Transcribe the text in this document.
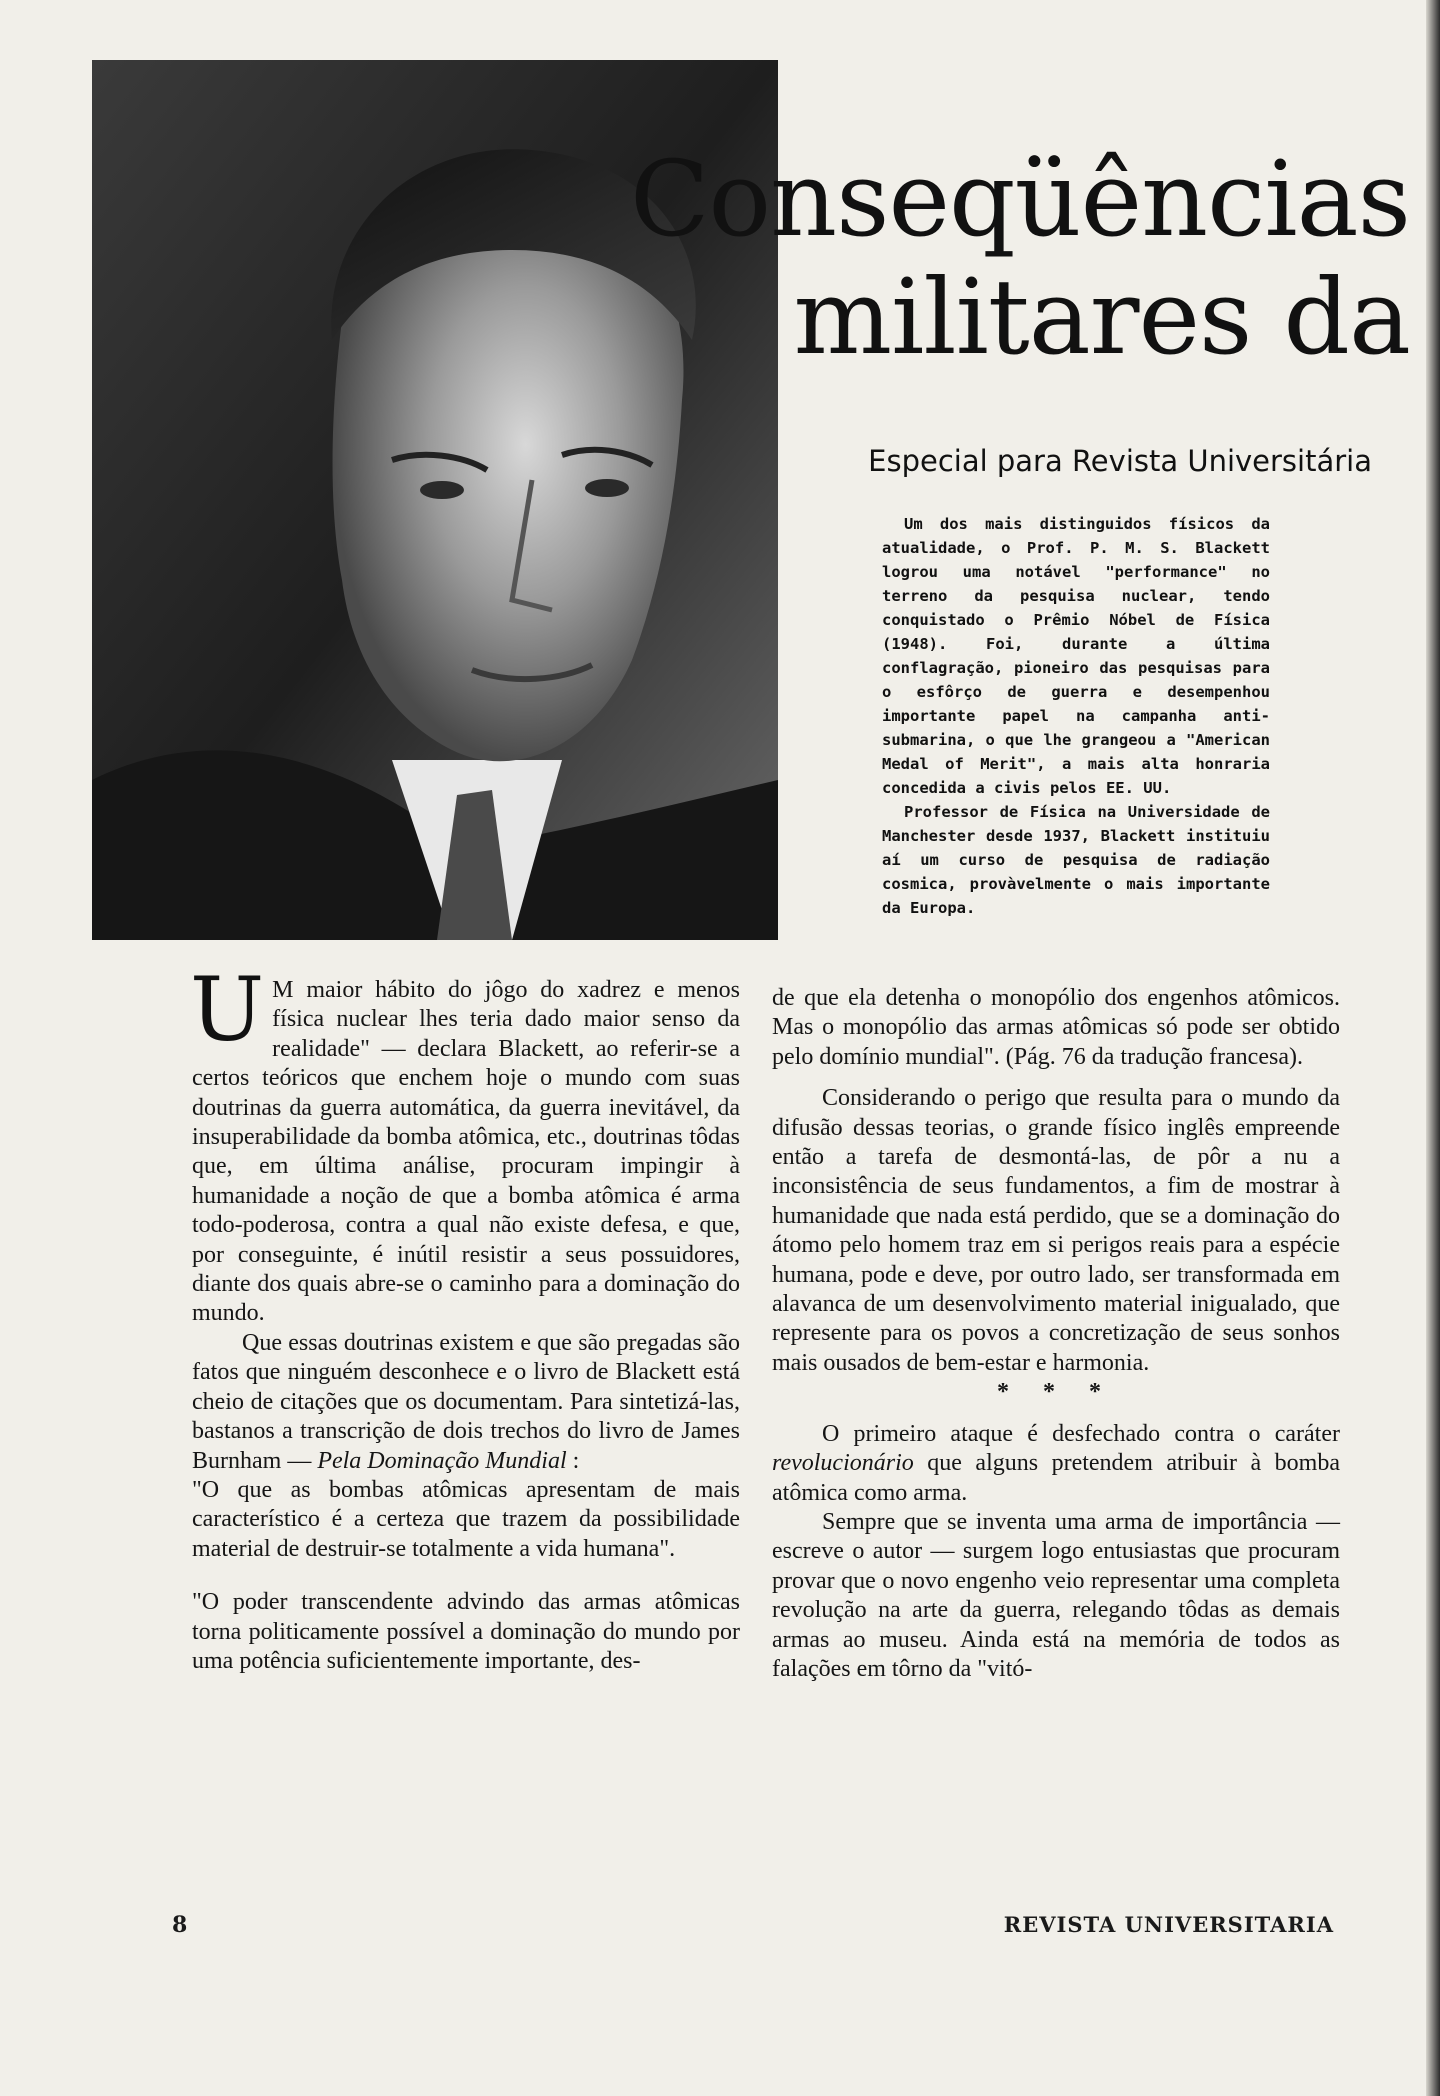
Conseqüências
militares da
Especial para Revista Universitária

Um dos mais distinguidos físicos da atualidade, o Prof. P. M. S. Blackett logrou uma notável "performance" no terreno da pesquisa nuclear, tendo conquistado o Prêmio Nóbel de Física (1948). Foi, durante a última conflagração, pioneiro das pesquisas para o esfôrço de guerra e desempenhou importante papel na campanha anti-submarina, o que lhe grangeou a "American Medal of Merit", a mais alta honraria concedida a civis pelos EE. UU.

Professor de Física na Universidade de Manchester desde 1937, Blackett instituiu aí um curso de pesquisa de radiação cosmica, provàvelmente o mais importante da Europa.

U M maior hábito do jôgo do xadrez e menos física nuclear lhes teria dado maior senso da realidade" — declara Blackett, ao referir-se a certos teóricos que enchem hoje o mundo com suas doutrinas da guerra automática, da guerra inevitável, da insuperabilidade da bomba atômica, etc., doutrinas tôdas que, em última análise, procuram impingir à humanidade a noção de que a bomba atômica é arma todo-poderosa, contra a qual não existe defesa, e que, por conseguinte, é inútil resistir a seus possuidores, diante dos quais abre-se o caminho para a dominação do mundo.

Que essas doutrinas existem e que são pregadas são fatos que ninguém desconhece e o livro de Blackett está cheio de citações que os documentam. Para sintetizá-las, bastanos a transcrição de dois trechos do livro de James Burnham — Pela Dominação Mundial :

"O que as bombas atômicas apresentam de mais característico é a certeza que trazem da possibilidade material de destruir-se totalmente a vida humana".

"O poder transcendente advindo das armas atômicas torna politicamente possível a dominação do mundo por uma potência suficientemente importante, des-

de que ela detenha o monopólio dos engenhos atômicos. Mas o monopólio das armas atômicas só pode ser obtido pelo domínio mundial". (Pág. 76 da tradução francesa).

Considerando o perigo que resulta para o mundo da difusão dessas teorias, o grande físico inglês empreende então a tarefa de desmontá-las, de pôr a nu a inconsistência de seus fundamentos, a fim de mostrar à humanidade que nada está perdido, que se a dominação do átomo pelo homem traz em si perigos reais para a espécie humana, pode e deve, por outro lado, ser transformada em alavanca de um desenvolvimento material inigualado, que represente para os povos a concretização de seus sonhos mais ousados de bem-estar e harmonia.

* * *

O primeiro ataque é desfechado contra o caráter revolucionário que alguns pretendem atribuir à bomba atômica como arma.

Sempre que se inventa uma arma de importância — escreve o autor — surgem logo entusiastas que procuram provar que o novo engenho veio representar uma completa revolução na arte da guerra, relegando tôdas as demais armas ao museu. Ainda está na memória de todos as falações em tôrno da "vitó-

8	REVISTA UNIVERSITARIA
